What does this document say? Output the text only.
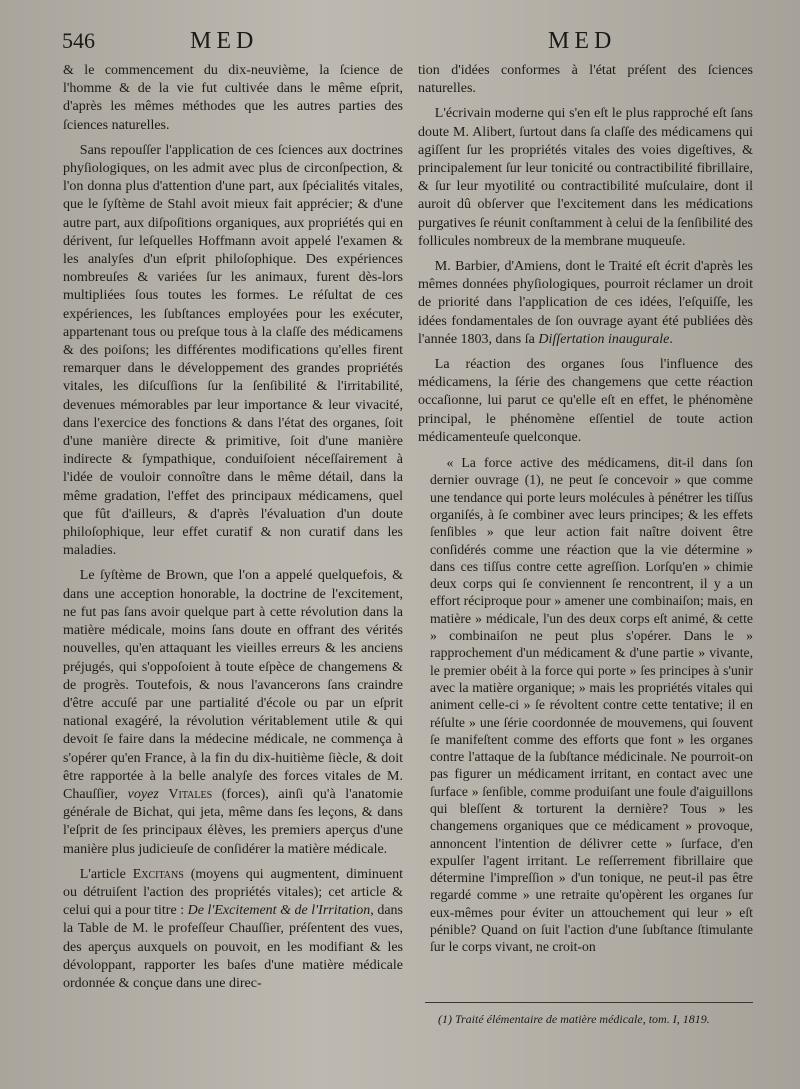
546	MED	MED

& le commencement du dix-neuvième, la ſcience de l'homme & de la vie fut cultivée dans le même eſprit, d'après les mêmes méthodes que les autres parties des ſciences naturelles.

Sans repouſſer l'application de ces ſciences aux doctrines phyſiologiques, on les admit avec plus de circonſpection, & l'on donna plus d'attention d'une part, aux ſpécialités vitales, que le ſyſtème de Stahl avoit mieux fait apprécier; & d'une autre part, aux diſpoſitions organiques, aux propriétés qui en dérivent, ſur leſquelles Hoffmann avoit appelé l'examen & les analyſes d'un eſprit philoſophique. Des expériences nombreuſes & variées ſur les animaux, furent dès-lors multipliées ſous toutes les formes. Le réſultat de ces expériences, les ſubſtances employées pour les exécuter, appartenant tous ou preſque tous à la claſſe des médicamens & des poiſons; les différentes modifications qu'elles firent remarquer dans le développement des grandes propriétés vitales, les diſcuſſions ſur la ſenſibilité & l'irritabilité, devenues mémorables par leur importance & leur vivacité, dans l'exercice des fonctions & dans l'état des organes, ſoit d'une manière directe & primitive, ſoit d'une manière indirecte & ſympathique, conduiſoient néceſſairement à l'idée de vouloir connoître dans le même détail, dans la même gradation, l'effet des principaux médicamens, quel que fût d'ailleurs, & d'après l'évaluation d'un doute philoſophique, leur effet curatif & non curatif dans les maladies.

Le ſyſtème de Brown, que l'on a appelé quelquefois, & dans une acception honorable, la doctrine de l'excitement, ne fut pas ſans avoir quelque part à cette révolution dans la matière médicale, moins ſans doute en offrant des vérités nouvelles, qu'en attaquant les vieilles erreurs & les anciens préjugés, qui s'oppoſoient à toute eſpèce de changemens & de progrès. Toutefois, & nous l'avancerons ſans craindre d'être accuſé par une partialité d'école ou par un eſprit national exagéré, la révolution véritablement utile & qui devoit ſe faire dans la médecine médicale, ne commença à s'opérer qu'en France, à la fin du dix-huitième ſiècle, & doit être rapportée à la belle analyſe des forces vitales de M. Chauſſier, voyez Vitales (forces), ainſi qu'à l'anatomie générale de Bichat, qui jeta, même dans ſes leçons, & dans l'eſprit de ſes principaux élèves, les premiers aperçus d'une manière plus judicieuſe de conſidérer la matière médicale.

L'article Excitans (moyens qui augmentent, diminuent ou détruiſent l'action des propriétés vitales); cet article & celui qui a pour titre : De l'Excitement & de l'Irritation, dans la Table de M. le profeſſeur Chauſſier, préſentent des vues, des aperçus auxquels on pouvoit, en les modifiant & les dévoloppant, rapporter les baſes d'une matière médicale ordonnée & conçue dans une direc-

tion d'idées conformes à l'état préſent des ſciences naturelles.

L'écrivain moderne qui s'en eſt le plus rapproché eſt ſans doute M. Alibert, ſurtout dans ſa claſſe des médicamens qui agiſſent ſur les propriétés vitales des voies digeſtives, & principalement ſur leur tonicité ou contractibilité fibrillaire, & ſur leur myotilité ou contractibilité muſculaire, dont il auroit dû obſerver que l'excitement dans les médications purgatives ſe réunit conſtamment à celui de la ſenſibilité des follicules nombreux de la membrane muqueuſe.

M. Barbier, d'Amiens, dont le Traité eſt écrit d'après les mêmes données phyſiologiques, pourroit réclamer un droit de priorité dans l'application de ces idées, l'eſquiſſe, les idées fondamentales de ſon ouvrage ayant été publiées dès l'année 1803, dans ſa Diſſertation inaugurale.

La réaction des organes ſous l'influence des médicamens, la ſérie des changemens que cette réaction occaſionne, lui parut ce qu'elle eſt en effet, le phénomène principal, le phénomène eſſentiel de toute action médicamenteuſe quelconque.

« La force active des médicamens, dit-il dans ſon dernier ouvrage (1), ne peut ſe concevoir » que comme une tendance qui porte leurs molécules à pénétrer les tiſſus organiſés, à ſe combiner avec leurs principes; & les effets ſenſibles » que leur action fait naître doivent être conſidérés comme une réaction que la vie détermine » dans ces tiſſus contre cette agreſſion. Lorſqu'en » chimie deux corps qui ſe conviennent ſe rencontrent, il y a un effort réciproque pour » amener une combinaiſon; mais, en matière » médicale, l'un des deux corps eſt animé, & cette » combinaiſon ne peut plus s'opérer. Dans le » rapprochement d'un médicament & d'une partie » vivante, le premier obéit à la force qui porte » ſes principes à s'unir avec la matière organique; » mais les propriétés vitales qui animent celle-ci » ſe révoltent contre cette tentative; il en réſulte » une ſérie coordonnée de mouvemens, qui ſouvent ſe manifeſtent comme des efforts que font » les organes contre l'attaque de la ſubſtance médicinale. Ne pourroit-on pas figurer un médicament irritant, en contact avec une ſurface » ſenſible, comme produiſant une foule d'aiguillons qui bleſſent & torturent la dernière? Tous » les changemens organiques que ce médicament » provoque, annoncent l'intention de délivrer cette » ſurface, d'en expulſer l'agent irritant. Le reſſerrement fibrillaire que détermine l'impreſſion » d'un tonique, ne peut-il pas être regardé comme » une retraite qu'opèrent les organes ſur eux-mêmes pour éviter un attouchement qui leur » eſt pénible? Quand on ſuit l'action d'une ſubſtance ſtimulante ſur le corps vivant, ne croit-on

(1) Traité élémentaire de matière médicale, tom. I, 1819.
